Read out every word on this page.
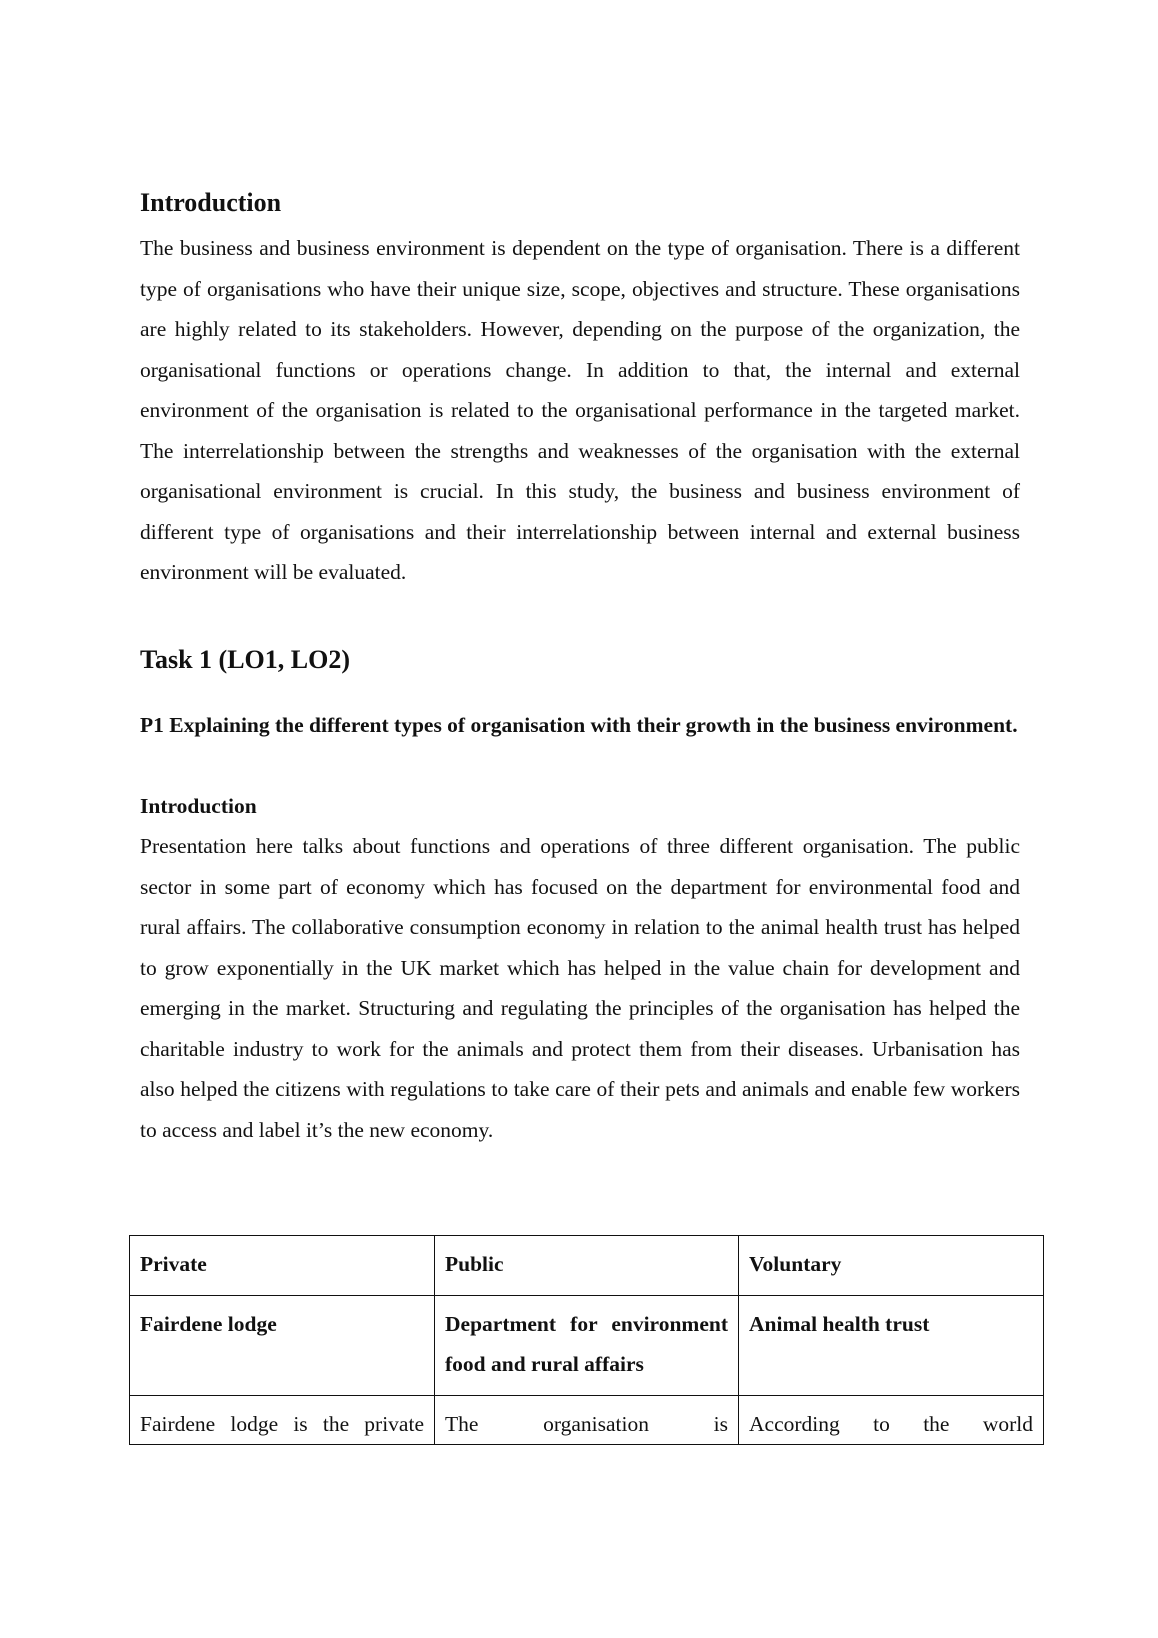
Introduction

The business and business environment is dependent on the type of organisation. There is a different type of organisations who have their unique size, scope, objectives and structure. These organisations are highly related to its stakeholders. However, depending on the purpose of the organization, the organisational functions or operations change. In addition to that, the internal and external environment of the organisation is related to the organisational performance in the targeted market. The interrelationship between the strengths and weaknesses of the organisation with the external organisational environment is crucial. In this study, the business and business environment of different type of organisations and their interrelationship between internal and external business environment will be evaluated.

Task 1 (LO1, LO2)

P1 Explaining the different types of organisation with their growth in the business environment.

Introduction

Presentation here talks about functions and operations of three different organisation. The public sector in some part of economy which has focused on the department for environmental food and rural affairs. The collaborative consumption economy in relation to the animal health trust has helped to grow exponentially in the UK market which has helped in the value chain for development and emerging in the market. Structuring and regulating the principles of the organisation has helped the charitable industry to work for the animals and protect them from their diseases. Urbanisation has also helped the citizens with regulations to take care of their pets and animals and enable few workers to access and label it’s the new economy.

Private	Public	Voluntary
Fairdene lodge	Department for environment food and rural affairs	Animal health trust
Fairdene lodge is the private	The organisation is	According to the world
